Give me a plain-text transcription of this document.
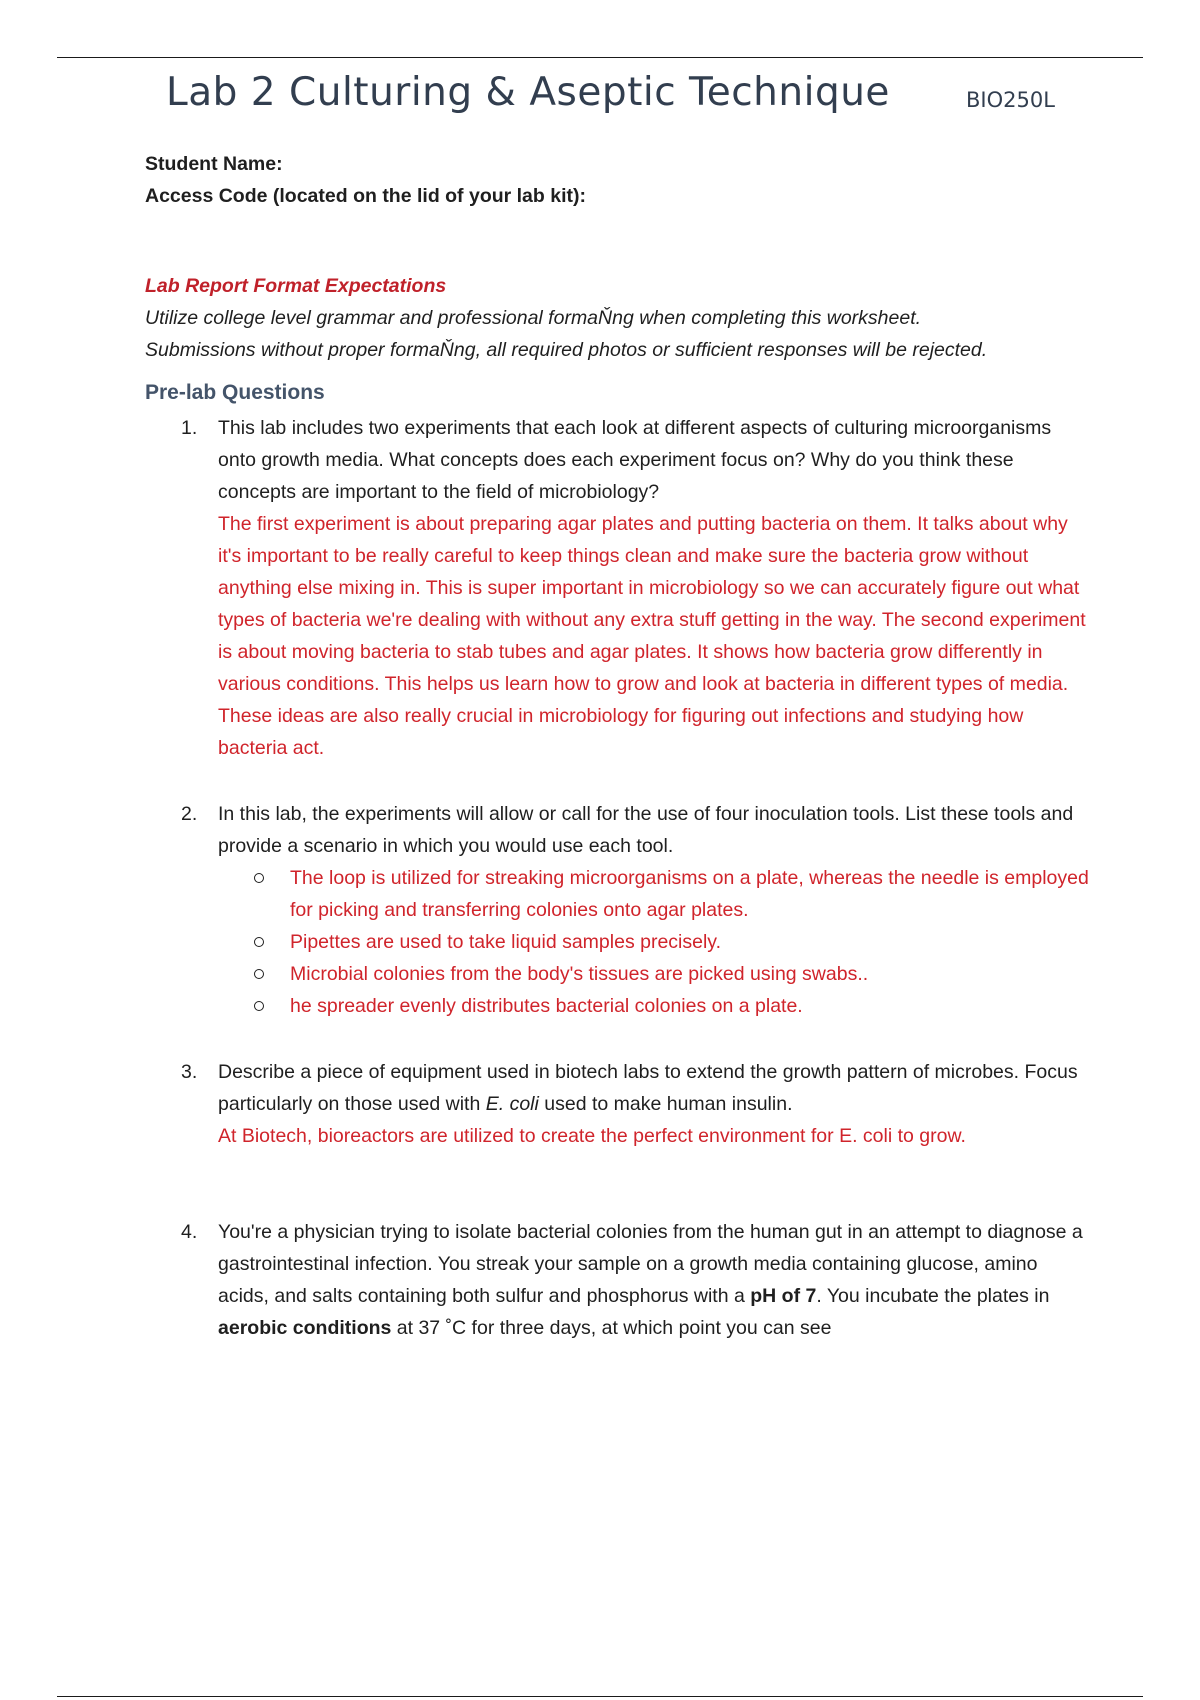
Lab 2 Culturing & Aseptic Technique	BIO250L

Student Name:

Access Code (located on the lid of your lab kit):

Lab Report Format Expectations

Utilize college level grammar and professional formaŇng when completing this worksheet.

Submissions without proper formaŇng, all required photos or sufficient responses will be rejected.

Pre-lab Questions
1. This lab includes two experiments that each look at different aspects of culturing microorganisms onto growth media. What concepts does each experiment focus on? Why do you think these concepts are important to the field of microbiology?
The first experiment is about preparing agar plates and putting bacteria on them. It talks about why it's important to be really careful to keep things clean and make sure the bacteria grow without anything else mixing in. This is super important in microbiology so we can accurately figure out what types of bacteria we're dealing with without any extra stuff getting in the way. The second experiment is about moving bacteria to stab tubes and agar plates. It shows how bacteria grow differently in various conditions. This helps us learn how to grow and look at bacteria in different types of media. These ideas are also really crucial in microbiology for figuring out infections and studying how bacteria act.
2. In this lab, the experiments will allow or call for the use of four inoculation tools. List these tools and provide a scenario in which you would use each tool.
The loop is utilized for streaking microorganisms on a plate, whereas the needle is employed for picking and transferring colonies onto agar plates.
Pipettes are used to take liquid samples precisely.
Microbial colonies from the body's tissues are picked using swabs..
he spreader evenly distributes bacterial colonies on a plate.
3. Describe a piece of equipment used in biotech labs to extend the growth pattern of microbes. Focus particularly on those used with E. coli used to make human insulin.
At Biotech, bioreactors are utilized to create the perfect environment for E. coli to grow.
4. You're a physician trying to isolate bacterial colonies from the human gut in an attempt to diagnose a gastrointestinal infection. You streak your sample on a growth media containing glucose, amino acids, and salts containing both sulfur and phosphorus with a pH of 7. You incubate the plates in aerobic conditions at 37 ˚C for three days, at which point you can see
